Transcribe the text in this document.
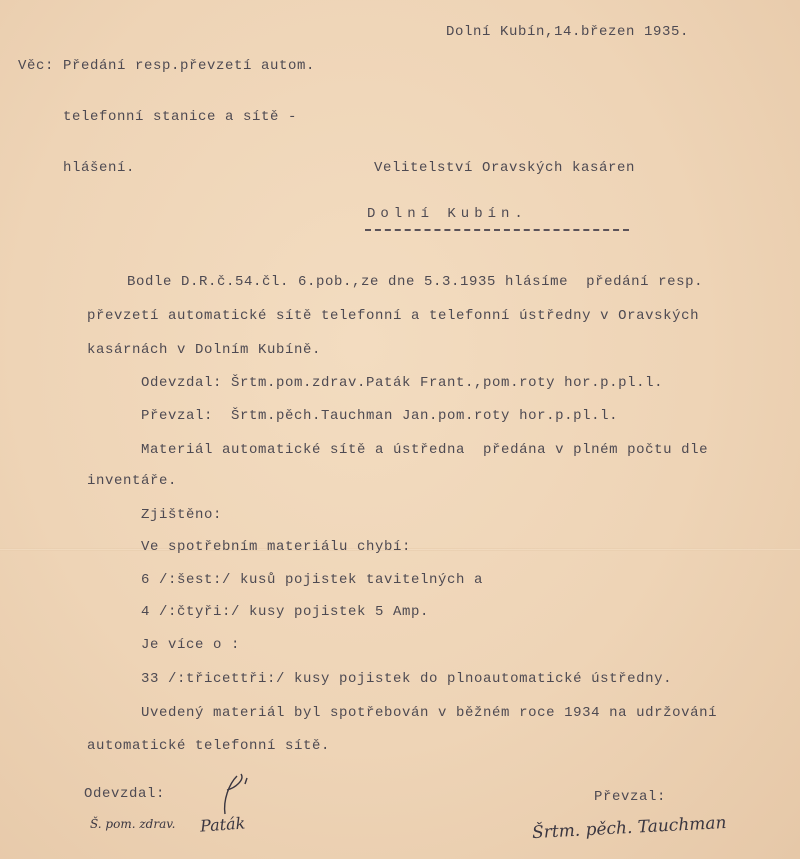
Věc: Předání resp.převzetí autom.

telefonní stanice a sítě -

hlášení.

Dolní Kubín,14.březen 1935.
Velitelství Oravských kasáren
Dolní Kubín.
Bodle D.R.č.54.čl. 6.pob.,ze dne 5.3.1935 hlásíme  předání resp.
převzetí automatické sítě telefonní a telefonní ústředny v Oravských
kasárnách v Dolním Kubíně.
Odevzdal: Šrtm.pom.zdrav.Paták Frant.,pom.roty hor.p.pl.l.
Převzal:  Šrtm.pěch.Tauchman Jan.pom.roty hor.p.pl.l.
Materiál automatické sítě a ústředna  předána v plném počtu dle
inventáře.
Zjištěno:
Ve spotřebním materiálu chybí:
6 /:šest:/ kusů pojistek tavitelných a
4 /:čtyři:/ kusy pojistek 5 Amp.
Je více o :
33 /:třicettři:/ kusy pojistek do plnoautomatické ústředny.
Uvedený materiál byl spotřebován v běžném roce 1934 na udržování
automatické telefonní sítě.
Odevzdal:	Převzal:
Š. pom. zdrav. Paták	Šrtm. pěch. Tauchman
